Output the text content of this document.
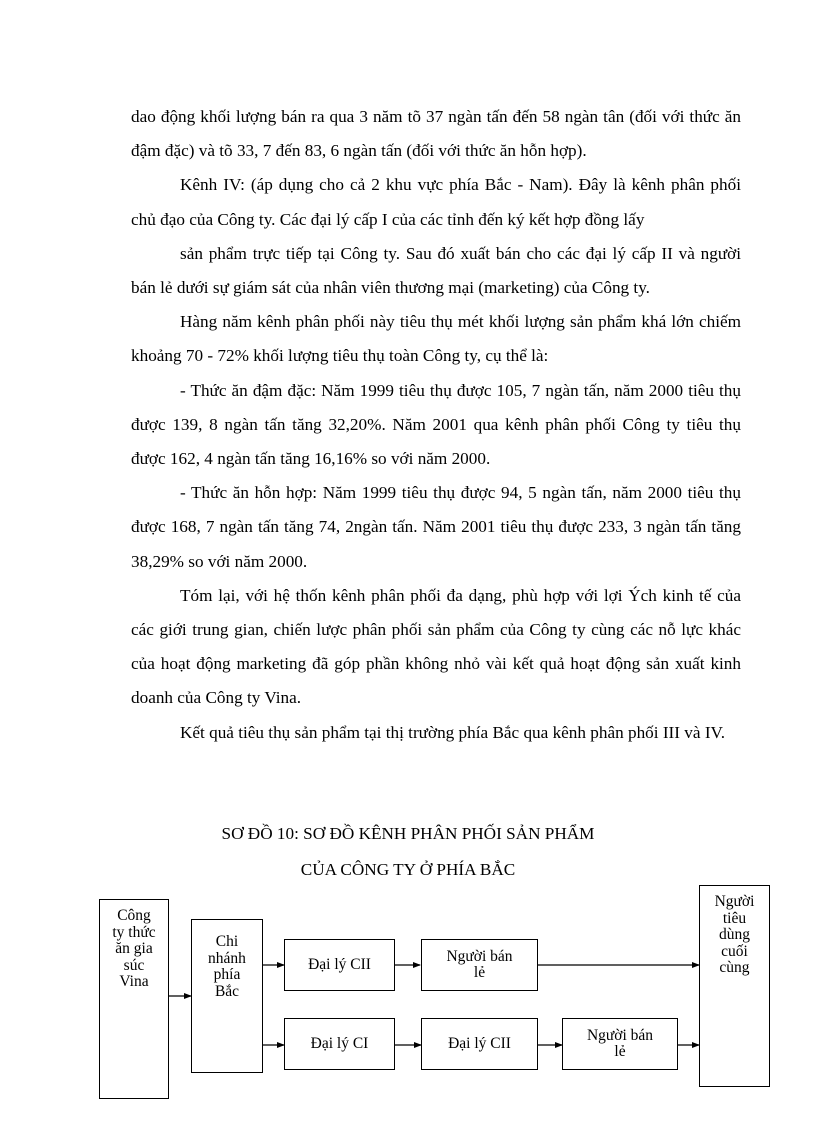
dao động khối lượng bán ra qua 3 năm tõ 37 ngàn tấn đến 58 ngàn tân (đối với thức ăn đậm đặc) và tõ 33, 7 đến 83, 6 ngàn tấn (đối với thức ăn hỗn hợp).

Kênh IV: (áp dụng cho cả 2 khu vực phía Bắc - Nam). Đây là kênh phân phối chủ đạo của Công ty. Các đại lý cấp I của các tỉnh đến ký kết hợp đồng lấy

sản phẩm trực tiếp tại Công ty. Sau đó xuất bán cho các đại lý cấp II và người bán lẻ dưới sự giám sát của nhân viên thương mại (marketing) của Công ty.

Hàng năm kênh phân phối này tiêu thụ mét khối lượng sản phẩm khá lớn chiếm khoảng 70 - 72% khối lượng tiêu thụ toàn Công ty, cụ thể là:

- Thức ăn đậm đặc: Năm 1999 tiêu thụ được 105, 7 ngàn tấn, năm 2000 tiêu thụ được 139, 8 ngàn tấn tăng 32,20%. Năm 2001 qua kênh phân phối Công ty tiêu thụ được 162, 4 ngàn tấn tăng 16,16% so với năm 2000.

- Thức ăn hỗn hợp: Năm 1999 tiêu thụ được 94, 5 ngàn tấn, năm 2000 tiêu thụ được 168, 7 ngàn tấn tăng 74, 2ngàn tấn. Năm 2001 tiêu thụ được 233, 3 ngàn tấn tăng 38,29% so với năm 2000.

Tóm lại, với hệ thốn kênh phân phối đa dạng, phù hợp với lợi Ých kinh tế của các giới trung gian, chiến lược phân phối sản phẩm của Công ty cùng các nỗ lực khác của hoạt động marketing đã góp phần không nhỏ vài kết quả hoạt động sản xuất kinh doanh của Công ty Vina.

Kết quả tiêu thụ sản phẩm tại thị trường phía Bắc qua kênh phân phối III và IV.

SƠ ĐỒ 10: SƠ ĐỒ KÊNH PHÂN PHỐI SẢN PHẨM
CỦA CÔNG TY Ở PHÍA BẮC
Công ty thức ăn gia súc Vina
Chi nhánh phía Bắc
Đại lý CII	Người bán lẻ
Đại lý CI	Đại lý CII	Người bán lẻ
Người tiêu dùng cuối cùng
